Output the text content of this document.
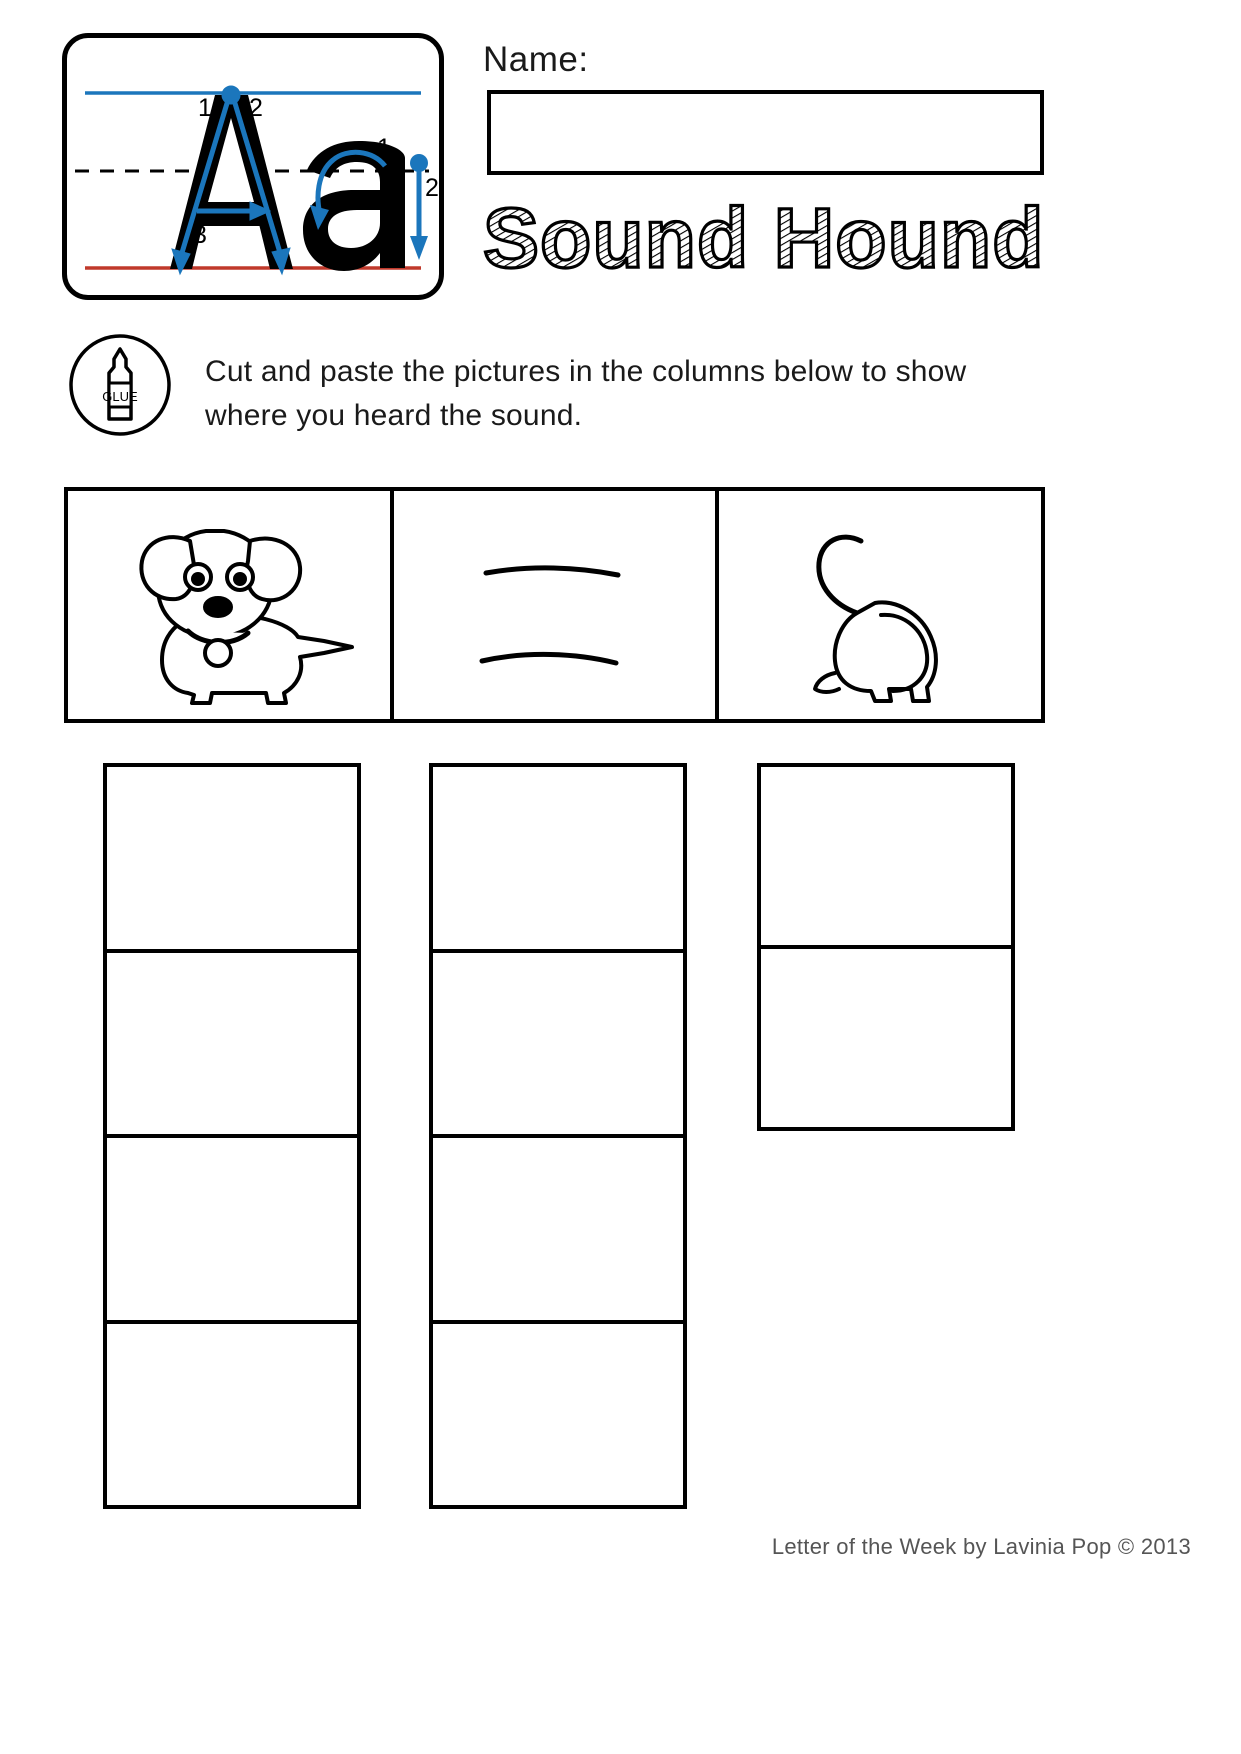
1 2
3
1
2
Name:
Sound Hound
GLUE
Cut and paste the pictures in the columns below to show where you heard the sound.
Letter of the Week by Lavinia Pop © 2013
